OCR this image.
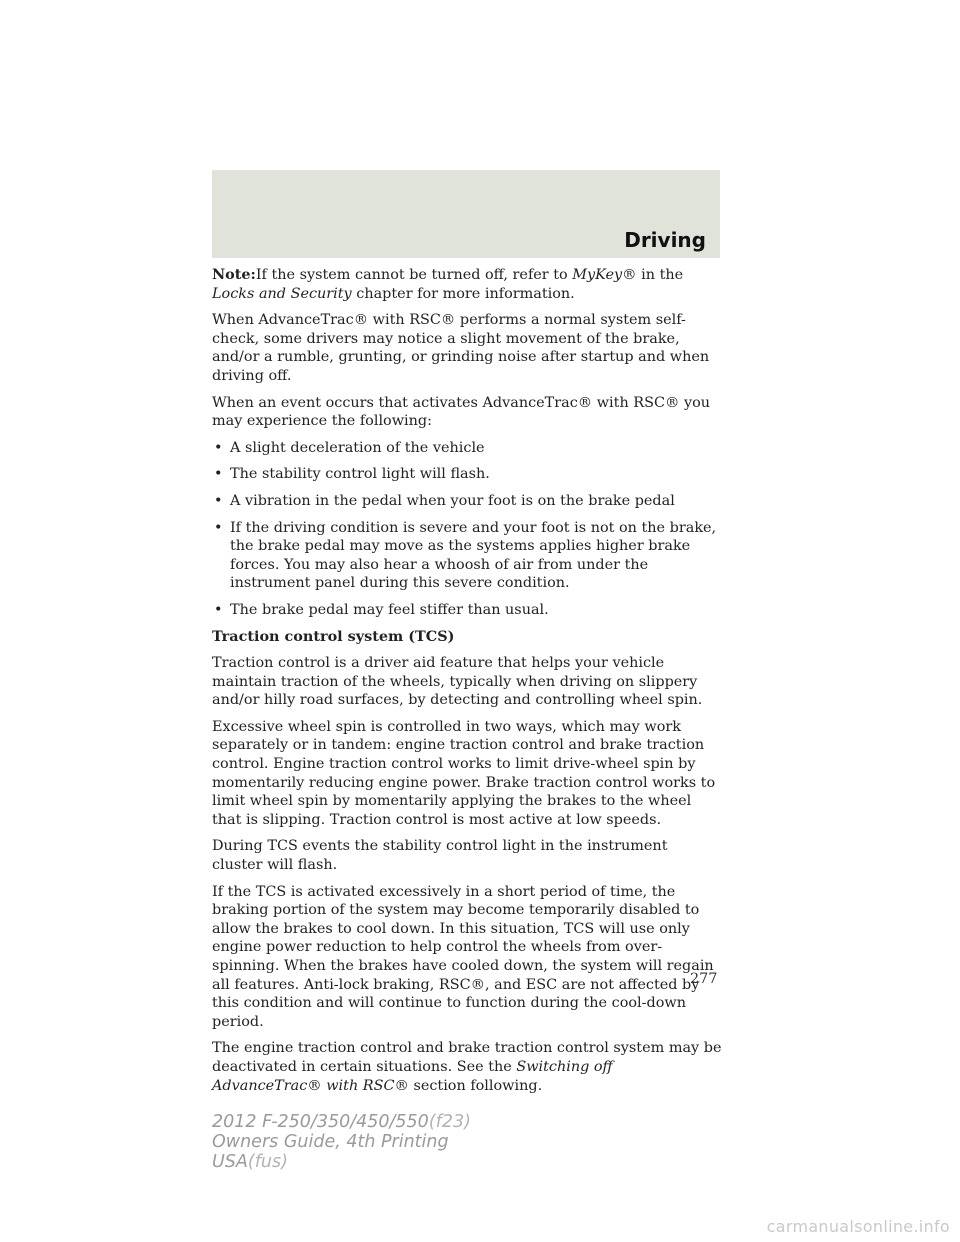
Driving

Note:If the system cannot be turned off, refer to MyKey® in the Locks and Security chapter for more information.

When AdvanceTrac® with RSC® performs a normal system self-check, some drivers may notice a slight movement of the brake, and/or a rumble, grunting, or grinding noise after startup and when driving off.

When an event occurs that activates AdvanceTrac® with RSC® you may experience the following:

• A slight deceleration of the vehicle
• The stability control light will flash.
• A vibration in the pedal when your foot is on the brake pedal
• If the driving condition is severe and your foot is not on the brake, the brake pedal may move as the systems applies higher brake forces. You may also hear a whoosh of air from under the instrument panel during this severe condition.
• The brake pedal may feel stiffer than usual.
Traction control system (TCS)

Traction control is a driver aid feature that helps your vehicle maintain traction of the wheels, typically when driving on slippery and/or hilly road surfaces, by detecting and controlling wheel spin.

Excessive wheel spin is controlled in two ways, which may work separately or in tandem: engine traction control and brake traction control. Engine traction control works to limit drive-wheel spin by momentarily reducing engine power. Brake traction control works to limit wheel spin by momentarily applying the brakes to the wheel that is slipping. Traction control is most active at low speeds.

During TCS events the stability control light in the instrument cluster will flash.

If the TCS is activated excessively in a short period of time, the braking portion of the system may become temporarily disabled to allow the brakes to cool down. In this situation, TCS will use only engine power reduction to help control the wheels from over-spinning. When the brakes have cooled down, the system will regain all features. Anti-lock braking, RSC®, and ESC are not affected by this condition and will continue to function during the cool-down period.

The engine traction control and brake traction control system may be deactivated in certain situations. See the Switching off AdvanceTrac® with RSC® section following.

277
2012 F-250/350/450/550(f23)
Owners Guide, 4th Printing
USA(fus)
carmanualsonline.info
